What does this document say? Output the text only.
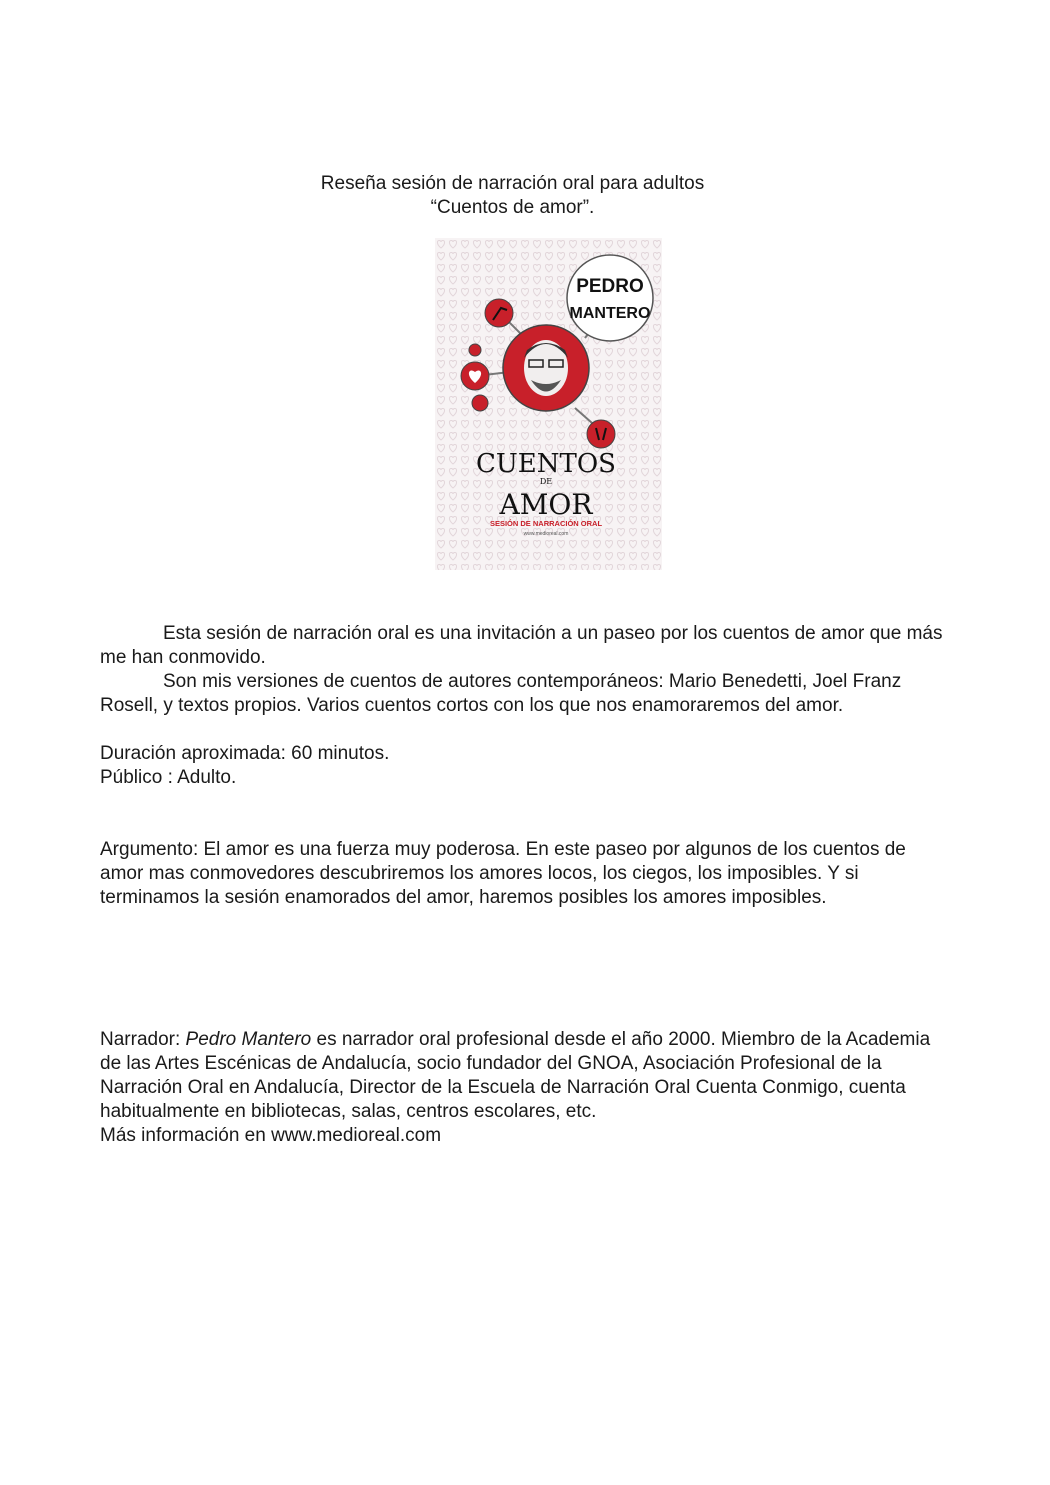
Reseña sesión de narración oral para adultos
“Cuentos de amor”.
PEDRO
MANTERO
CUENTOS
DE
AMOR
SESIÓN DE NARRACIÓN ORAL
www.medioreal.com

Esta sesión de narración oral es una invitación a un paseo por los cuentos de amor que más me han conmovido.

Son mis versiones de cuentos de autores contemporáneos: Mario Benedetti, Joel Franz Rosell, y textos propios. Varios cuentos cortos con los que nos enamoraremos del amor.

Duración aproximada: 60 minutos.

Público : Adulto.

Argumento: El amor es una fuerza muy poderosa. En este paseo por algunos de los cuentos de amor mas conmovedores descubriremos los amores locos, los ciegos, los imposibles. Y si terminamos la sesión enamorados del amor, haremos posibles los amores imposibles.

Narrador: Pedro Mantero es narrador oral profesional desde el año 2000. Miembro de la Academia de las Artes Escénicas de Andalucía, socio fundador del GNOA, Asociación Profesional de la Narración Oral en Andalucía, Director de la Escuela de Narración Oral Cuenta Conmigo, cuenta habitualmente en bibliotecas, salas, centros escolares, etc.

Más información en www.medioreal.com
